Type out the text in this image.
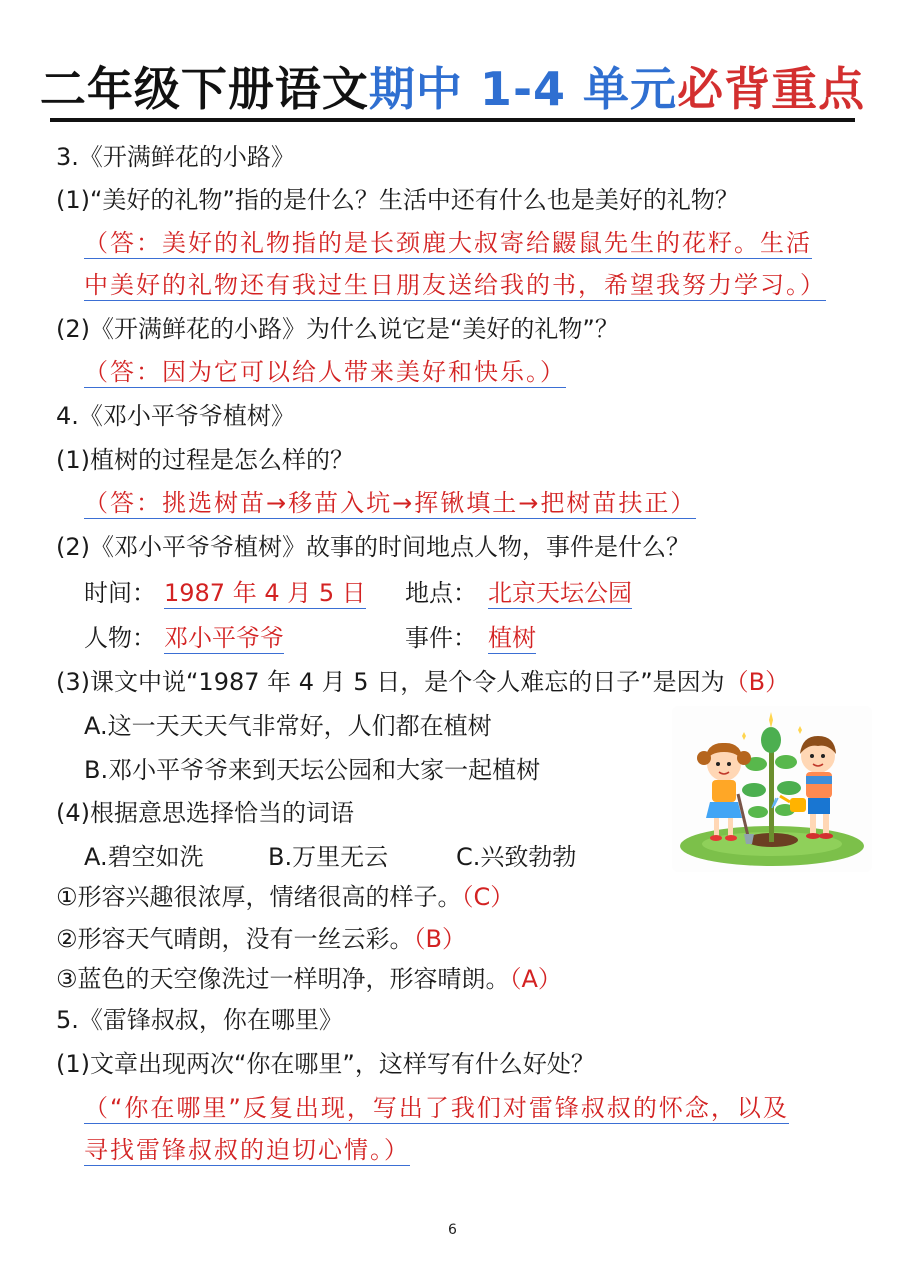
二年级下册语文期中 1-4 单元必背重点
3.《开满鲜花的小路》
(1)“美好的礼物”指的是什么？生活中还有什么也是美好的礼物？
（答：美好的礼物指的是长颈鹿大叔寄给鼹鼠先生的花籽。生活
中美好的礼物还有我过生日朋友送给我的书，希望我努力学习。）
(2)《开满鲜花的小路》为什么说它是“美好的礼物”？
（答：因为它可以给人带来美好和快乐。）
4.《邓小平爷爷植树》
(1)植树的过程是怎么样的？
（答：挑选树苗→移苗入坑→挥锹填土→把树苗扶正）
(2)《邓小平爷爷植树》故事的时间地点人物，事件是什么？
时间： 1987 年 4 月 5 日 地点： 北京天坛公园
人物： 邓小平爷爷	事件： 植树
(3)课文中说“1987 年 4 月 5 日，是个令人难忘的日子”是因为（B）
A.这一天天天气非常好，人们都在植树
B.邓小平爷爷来到天坛公园和大家一起植树
(4)根据意思选择恰当的词语
A.碧空如洗	B.万里无云	C.兴致勃勃
①形容兴趣很浓厚，情绪很高的样子。（C）
②形容天气晴朗，没有一丝云彩。（B）
③蓝色的天空像洗过一样明净，形容晴朗。（A）
5.《雷锋叔叔，你在哪里》
(1)文章出现两次“你在哪里”，这样写有什么好处？
（“你在哪里”反复出现，写出了我们对雷锋叔叔的怀念，以及
寻找雷锋叔叔的迫切心情。）
6
